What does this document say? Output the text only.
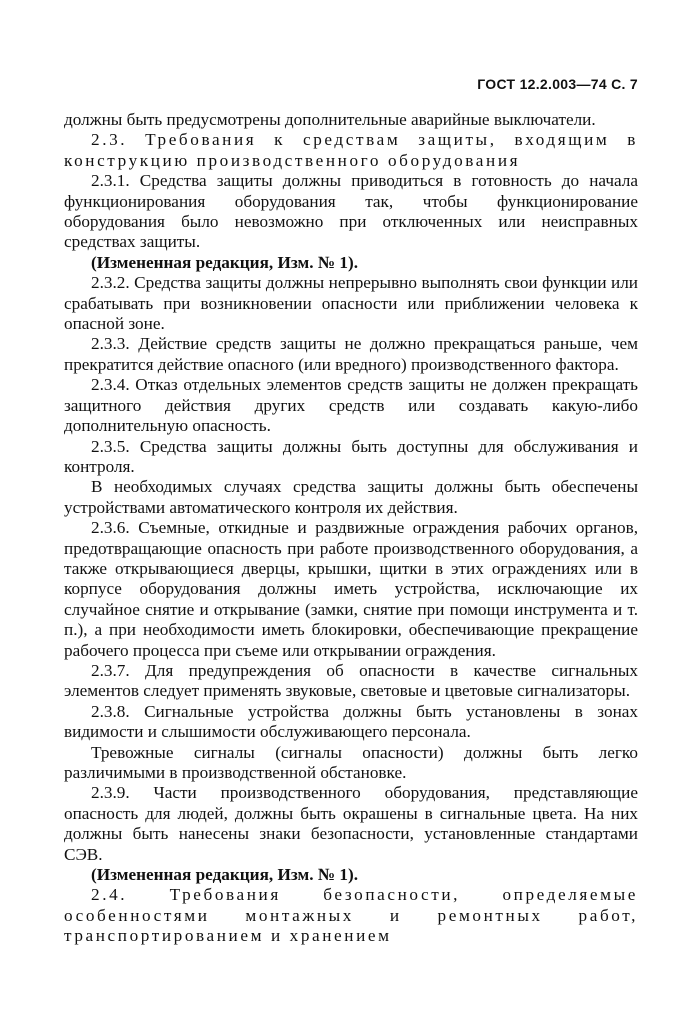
ГОСТ 12.2.003—74 С. 7

должны быть предусмотрены дополнительные аварийные выключатели.

2.3. Требования к средствам защиты, входящим в конструкцию производственного оборудования

2.3.1. Средства защиты должны приводиться в готовность до начала функционирования оборудования так, чтобы функционирование оборудования было невозможно при отключенных или неисправных средствах защиты.

(Измененная редакция, Изм. № 1).

2.3.2. Средства защиты должны непрерывно выполнять свои функции или срабатывать при возникновении опасности или приближении человека к опасной зоне.

2.3.3. Действие средств защиты не должно прекращаться раньше, чем прекратится действие опасного (или вредного) производственного фактора.

2.3.4. Отказ отдельных элементов средств защиты не должен прекращать защитного действия других средств или создавать какую-либо дополнительную опасность.

2.3.5. Средства защиты должны быть доступны для обслуживания и контроля.

В необходимых случаях средства защиты должны быть обеспечены устройствами автоматического контроля их действия.

2.3.6. Съемные, откидные и раздвижные ограждения рабочих органов, предотвращающие опасность при работе производственного оборудования, а также открывающиеся дверцы, крышки, щитки в этих ограждениях или в корпусе оборудования должны иметь устройства, исключающие их случайное снятие и открывание (замки, снятие при помощи инструмента и т. п.), а при необходимости иметь блокировки, обеспечивающие прекращение рабочего процесса при съеме или открывании ограждения.

2.3.7. Для предупреждения об опасности в качестве сигнальных элементов следует применять звуковые, световые и цветовые сигнализаторы.

2.3.8. Сигнальные устройства должны быть установлены в зонах видимости и слышимости обслуживающего персонала.

Тревожные сигналы (сигналы опасности) должны быть легко различимыми в производственной обстановке.

2.3.9. Части производственного оборудования, представляющие опасность для людей, должны быть окрашены в сигнальные цвета. На них должны быть нанесены знаки безопасности, установленные стандартами СЭВ.

(Измененная редакция, Изм. № 1).

2.4. Требования безопасности, определяемые особенностями монтажных и ремонтных работ, транспортированием и хранением
